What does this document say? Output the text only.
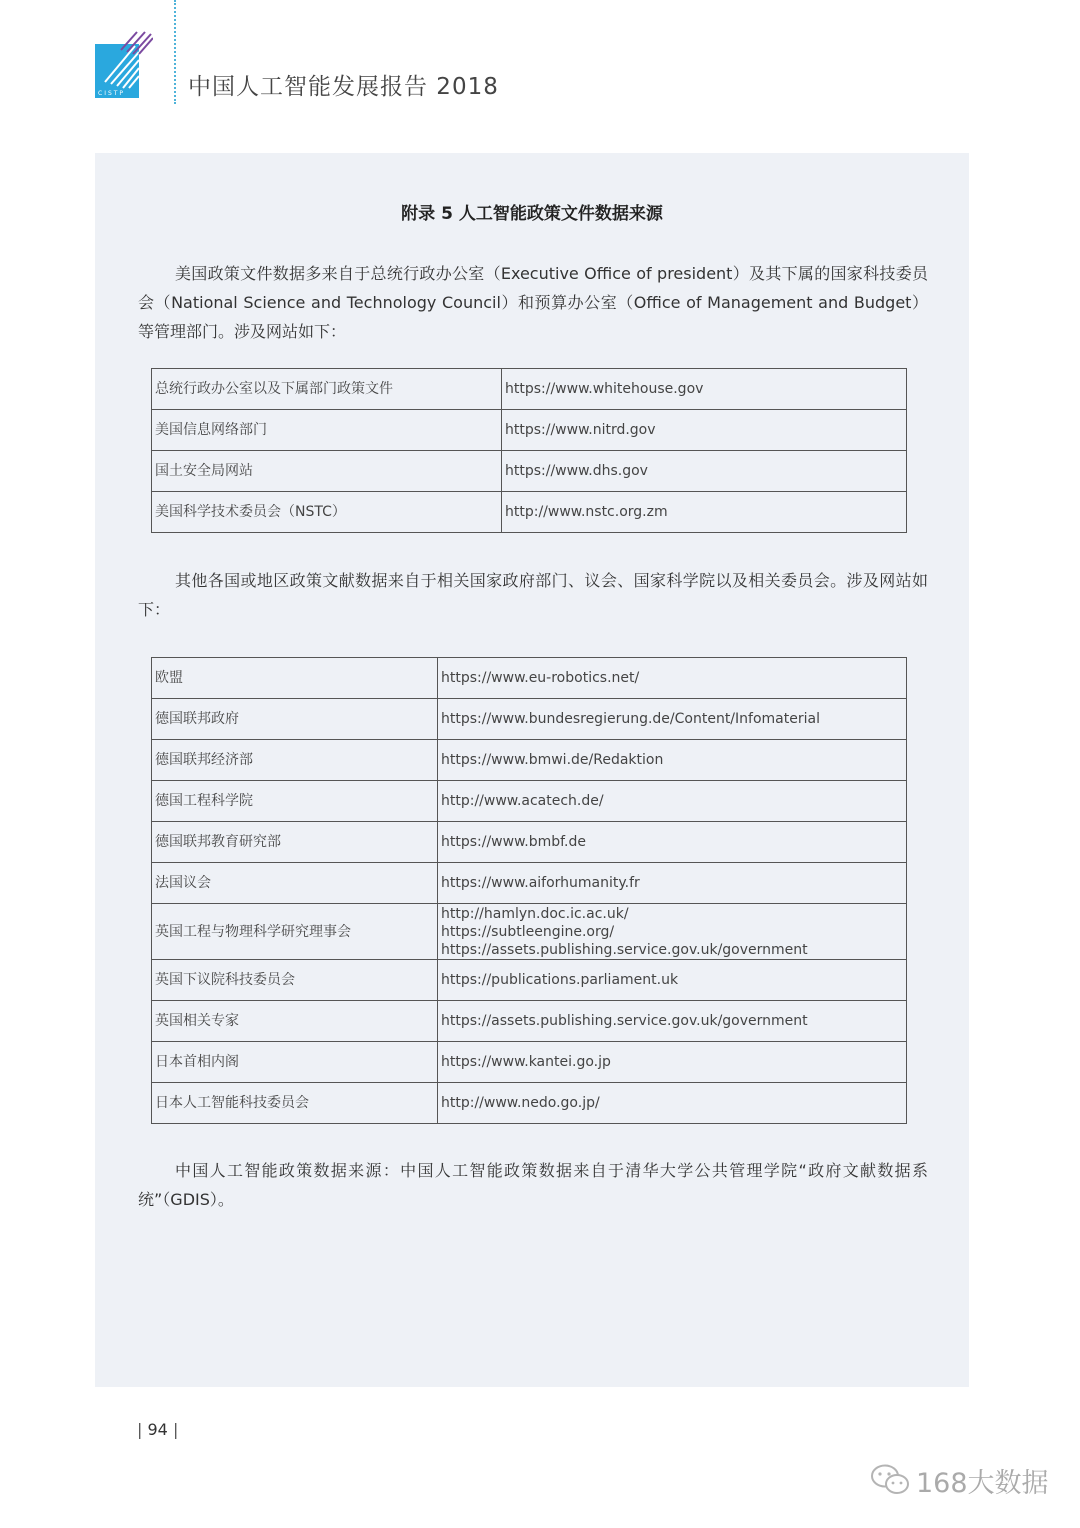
CISTP	中国人工智能发展报告 2018
附录 5 人工智能政策文件数据来源

美国政策文件数据多来自于总统行政办公室（Executive Office of president）及其下属的国家科技委员会（National Science and Technology Council）和预算办公室（Office of Management and Budget）等管理部门。涉及网站如下：

总统行政办公室以及下属部门政策文件	https://www.whitehouse.gov
美国信息网络部门	https://www.nitrd.gov
国土安全局网站	https://www.dhs.gov
美国科学技术委员会（NSTC）	http://www.nstc.org.zm

其他各国或地区政策文献数据来自于相关国家政府部门、议会、国家科学院以及相关委员会。涉及网站如下：

欧盟	https://www.eu-robotics.net/
德国联邦政府	https://www.bundesregierung.de/Content/Infomaterial
德国联邦经济部	https://www.bmwi.de/Redaktion
德国工程科学院	http://www.acatech.de/
德国联邦教育研究部	https://www.bmbf.de
法国议会	https://www.aiforhumanity.fr
英国工程与物理科学研究理事会	http://hamlyn.doc.ic.ac.uk/
https://subtleengine.org/
https://assets.publishing.service.gov.uk/government

英国下议院科技委员会	https://publications.parliament.uk
英国相关专家	https://assets.publishing.service.gov.uk/government
日本首相内阁	https://www.kantei.go.jp
日本人工智能科技委员会	http://www.nedo.go.jp/

中国人工智能政策数据来源：中国人工智能政策数据来自于清华大学公共管理学院“政府文献数据系统”（GDIS）。

| 94 |
168大数据
